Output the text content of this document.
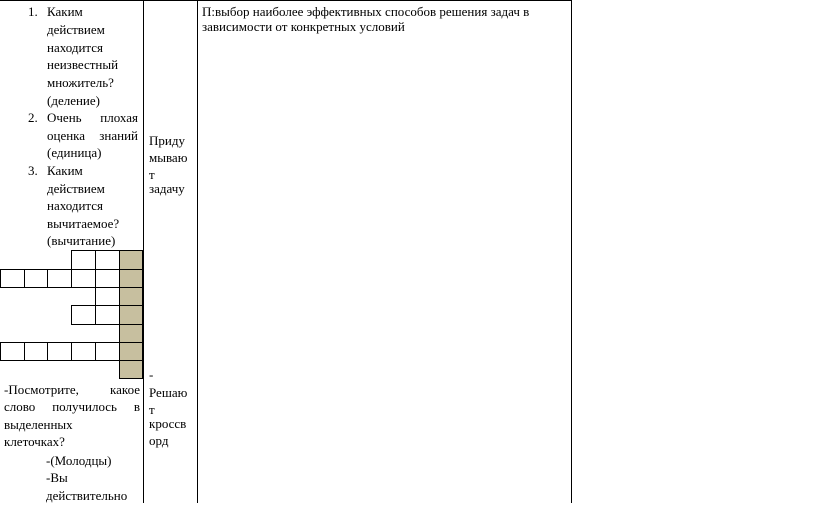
1. Каким
действием
находится
неизвестный
множитель?
(деление)
2. Очень плохая
оценка знаний
(единица)
3. Каким
действием
находится
вычитаемое?
(вычитание)
-Посмотрите, какое
слово получилось в
выделенных
клеточках?
-(Молодцы)
-Вы
действительно
Приду
мываю
т
задачу
-
Решаю
т
кроссв
орд
П:выбор наиболее эффективных способов решения задач в
зависимости от конкретных условий
